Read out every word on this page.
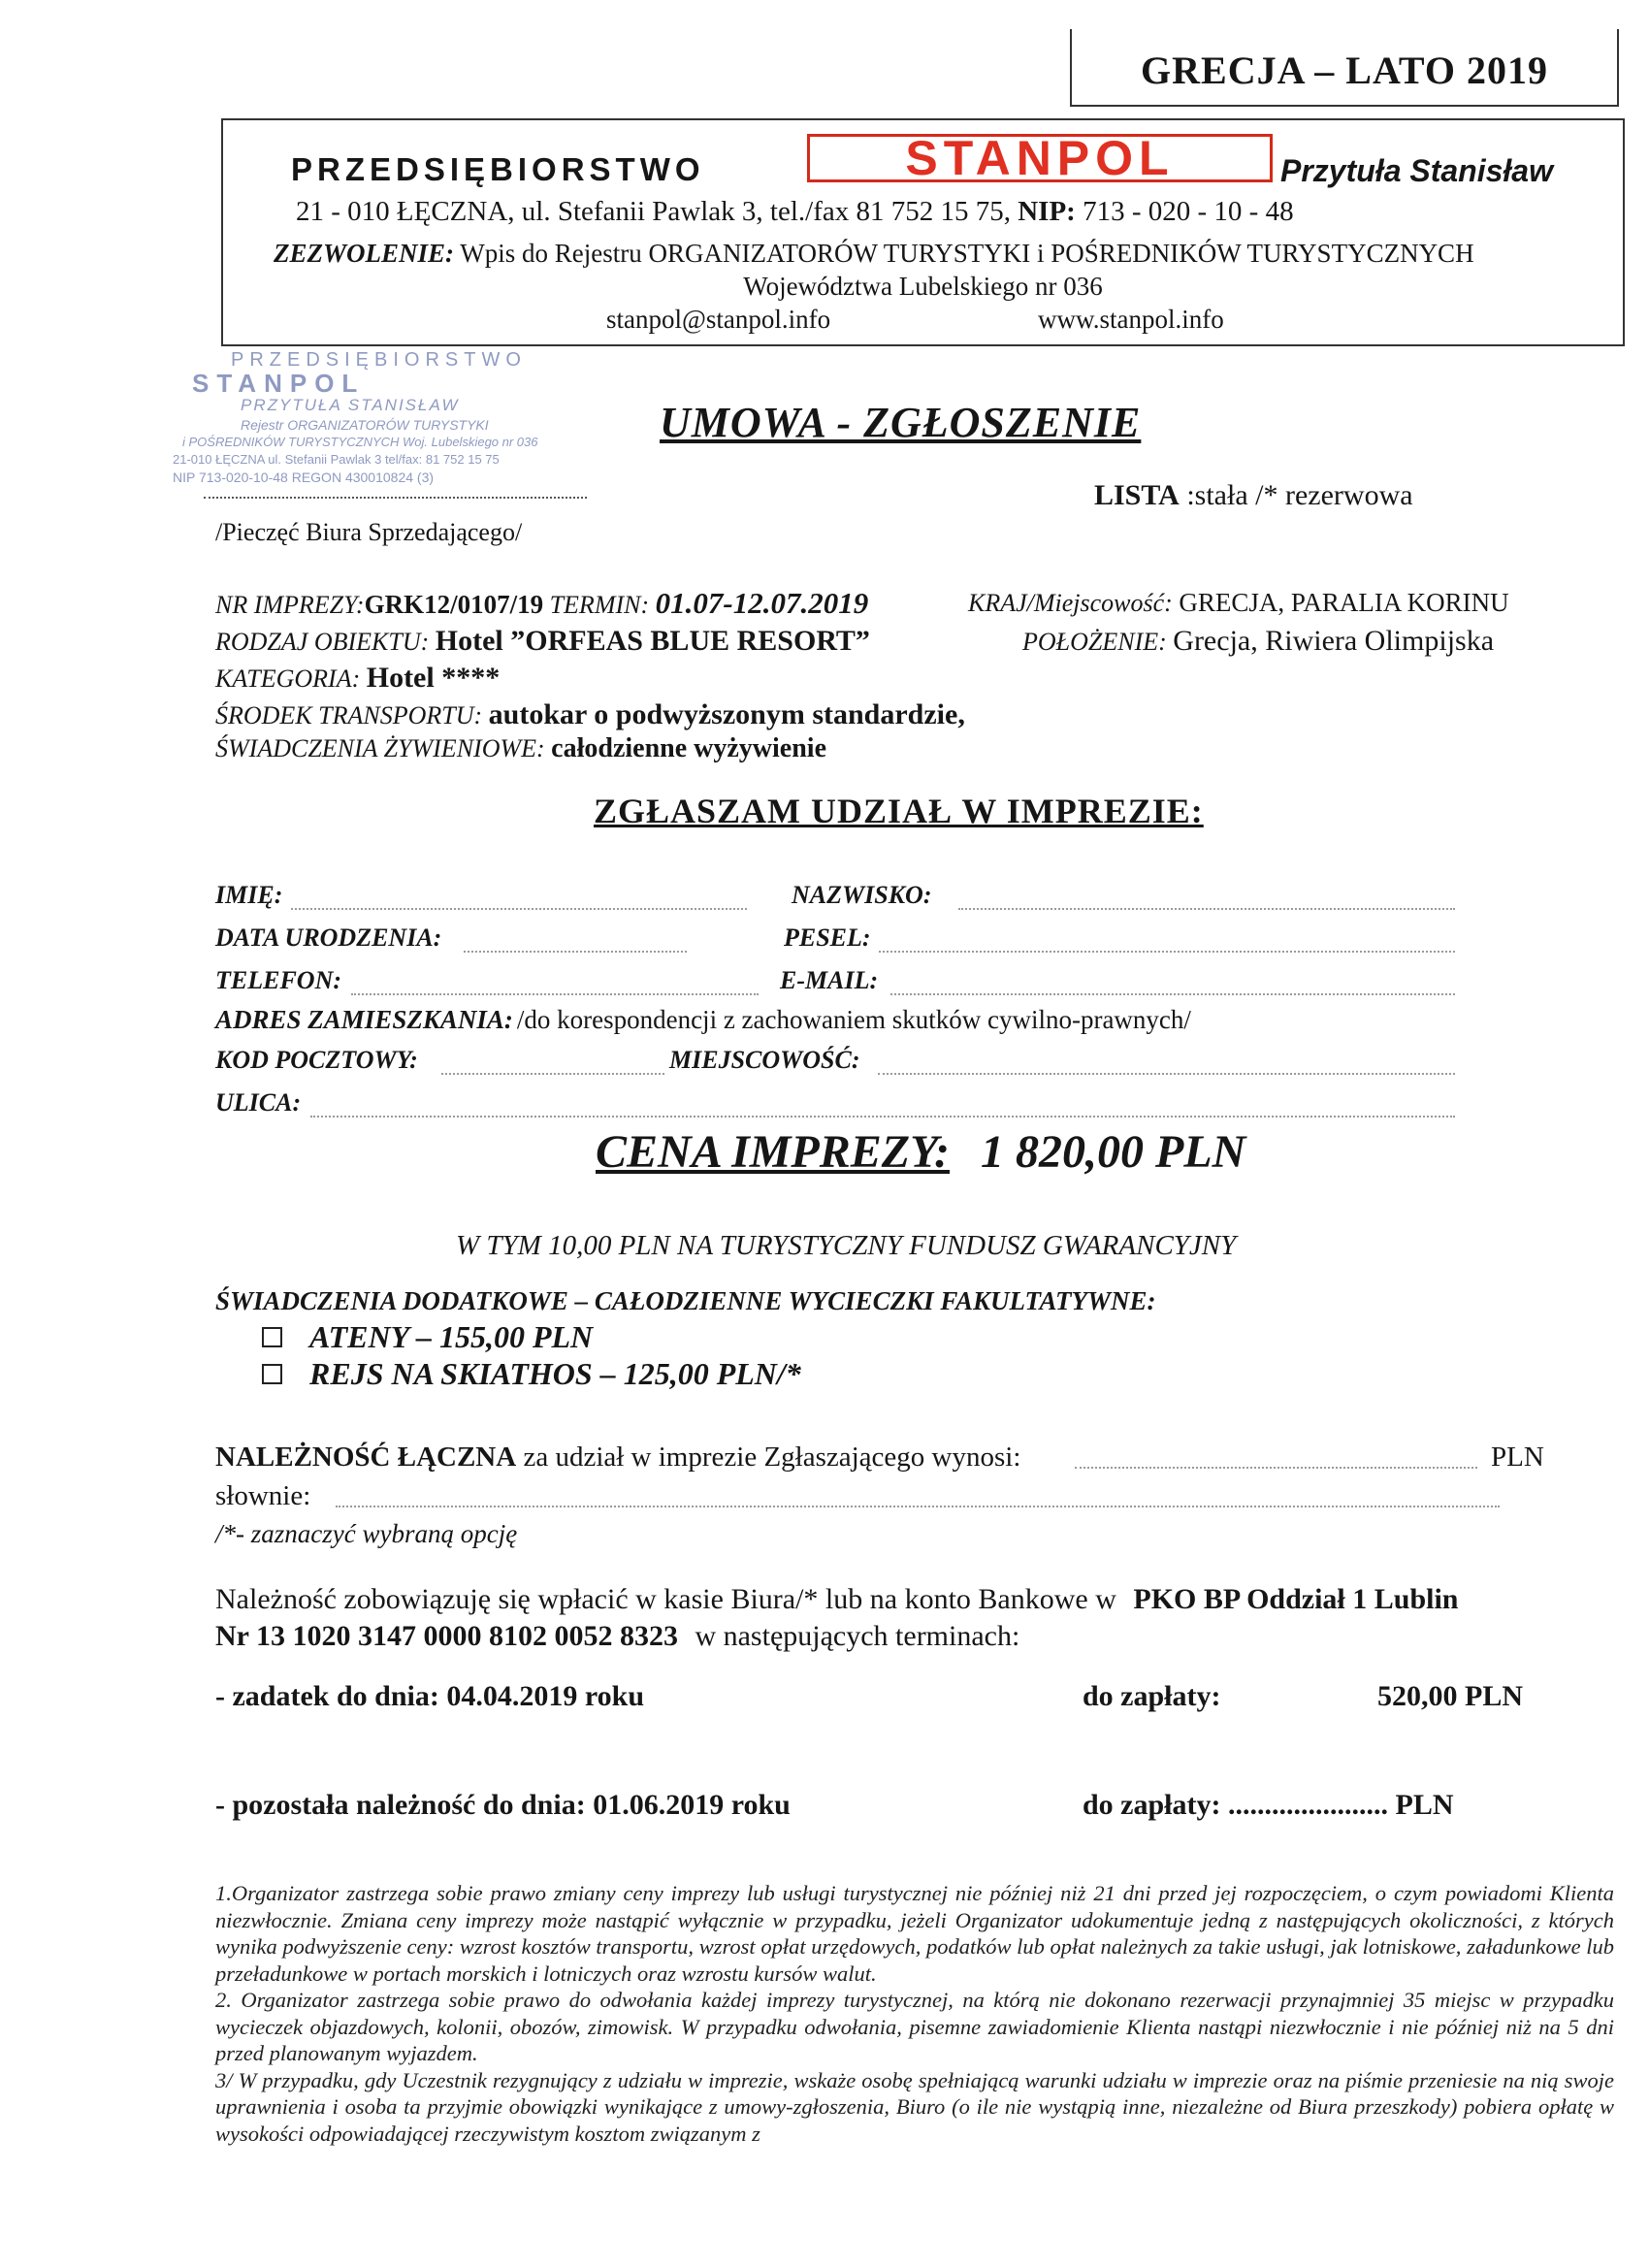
GRECJA – LATO 2019
PRZEDSIĘBIORSTWO	STANPOL	Przytuła Stanisław
21 - 010 ŁĘCZNA, ul. Stefanii Pawlak 3, tel./fax 81 752 15 75, NIP: 713 - 020 - 10 - 48
ZEZWOLENIE: Wpis do Rejestru ORGANIZATORÓW TURYSTYKI i POŚREDNIKÓW TURYSTYCZNYCH
Województwa Lubelskiego nr 036
stanpol@stanpol.info	www.stanpol.info
PRZEDSIĘBIORSTWO
STANPOL
PRZYTUŁA STANISŁAW
Rejestr ORGANIZATORÓW TURYSTYKI
i POŚREDNIKÓW TURYSTYCZNYCH Woj. Lubelskiego nr 036
21-010 ŁĘCZNA ul. Stefanii Pawlak 3 tel/fax: 81 752 15 75
NIP 713-020-10-48 REGON 430010824 (3)
/Pieczęć Biura Sprzedającego/
UMOWA - ZGŁOSZENIE
LISTA :stała /* rezerwowa
NR IMPREZY:GRK12/0107/19 TERMIN: 01.07-12.07.2019	KRAJ/Miejscowość: GRECJA, PARALIA KORINU
RODZAJ OBIEKTU: Hotel ”ORFEAS BLUE RESORT”	POŁOŻENIE: Grecja, Riwiera Olimpijska
KATEGORIA: Hotel ****
ŚRODEK TRANSPORTU: autokar o podwyższonym standardzie,
ŚWIADCZENIA ŻYWIENIOWE: całodzienne wyżywienie
ZGŁASZAM UDZIAŁ W IMPREZIE:
IMIĘ:	NAZWISKO:
DATA URODZENIA:	PESEL:
TELEFON:	E-MAIL:
ADRES ZAMIESZKANIA: /do korespondencji z zachowaniem skutków cywilno-prawnych/
KOD POCZTOWY:	MIEJSCOWOŚĆ:
ULICA:
CENA IMPREZY: 1 820,00 PLN
W TYM 10,00 PLN NA TURYSTYCZNY FUNDUSZ GWARANCYJNY
ŚWIADCZENIA DODATKOWE – CAŁODZIENNE WYCIECZKI FAKULTATYWNE:
ATENY – 155,00 PLN
REJS NA SKIATHOS – 125,00 PLN/*
NALEŻNOŚĆ ŁĄCZNA za udział w imprezie Zgłaszającego wynosi:	PLN
słownie:
/*- zaznaczyć wybraną opcję
Należność zobowiązuję się wpłacić w kasie Biura/* lub na konto Bankowe w PKO BP Oddział 1 Lublin
Nr 13 1020 3147 0000 8102 0052 8323 w następujących terminach:
- zadatek do dnia: 04.04.2019 roku	do zapłaty:	520,00 PLN
- pozostała należność do dnia: 01.06.2019 roku	do zapłaty: ...................... PLN

1.Organizator zastrzega sobie prawo zmiany ceny imprezy lub usługi turystycznej nie później niż 21 dni przed jej rozpoczęciem, o czym powiadomi Klienta niezwłocznie. Zmiana ceny imprezy może nastąpić wyłącznie w przypadku, jeżeli Organizator udokumentuje jedną z następujących okoliczności, z których wynika podwyższenie ceny: wzrost kosztów transportu, wzrost opłat urzędowych, podatków lub opłat należnych za takie usługi, jak lotniskowe, załadunkowe lub przeładunkowe w portach morskich i lotniczych oraz wzrostu kursów walut.

2. Organizator zastrzega sobie prawo do odwołania każdej imprezy turystycznej, na którą nie dokonano rezerwacji przynajmniej 35 miejsc w przypadku wycieczek objazdowych, kolonii, obozów, zimowisk. W przypadku odwołania, pisemne zawiadomienie Klienta nastąpi niezwłocznie i nie później niż na 5 dni przed planowanym wyjazdem.

3/ W przypadku, gdy Uczestnik rezygnujący z udziału w imprezie, wskaże osobę spełniającą warunki udziału w imprezie oraz na piśmie przeniesie na nią swoje uprawnienia i osoba ta przyjmie obowiązki wynikające z umowy-zgłoszenia, Biuro (o ile nie wystąpią inne, niezależne od Biura przeszkody) pobiera opłatę w wysokości odpowiadającej rzeczywistym kosztom związanym z
